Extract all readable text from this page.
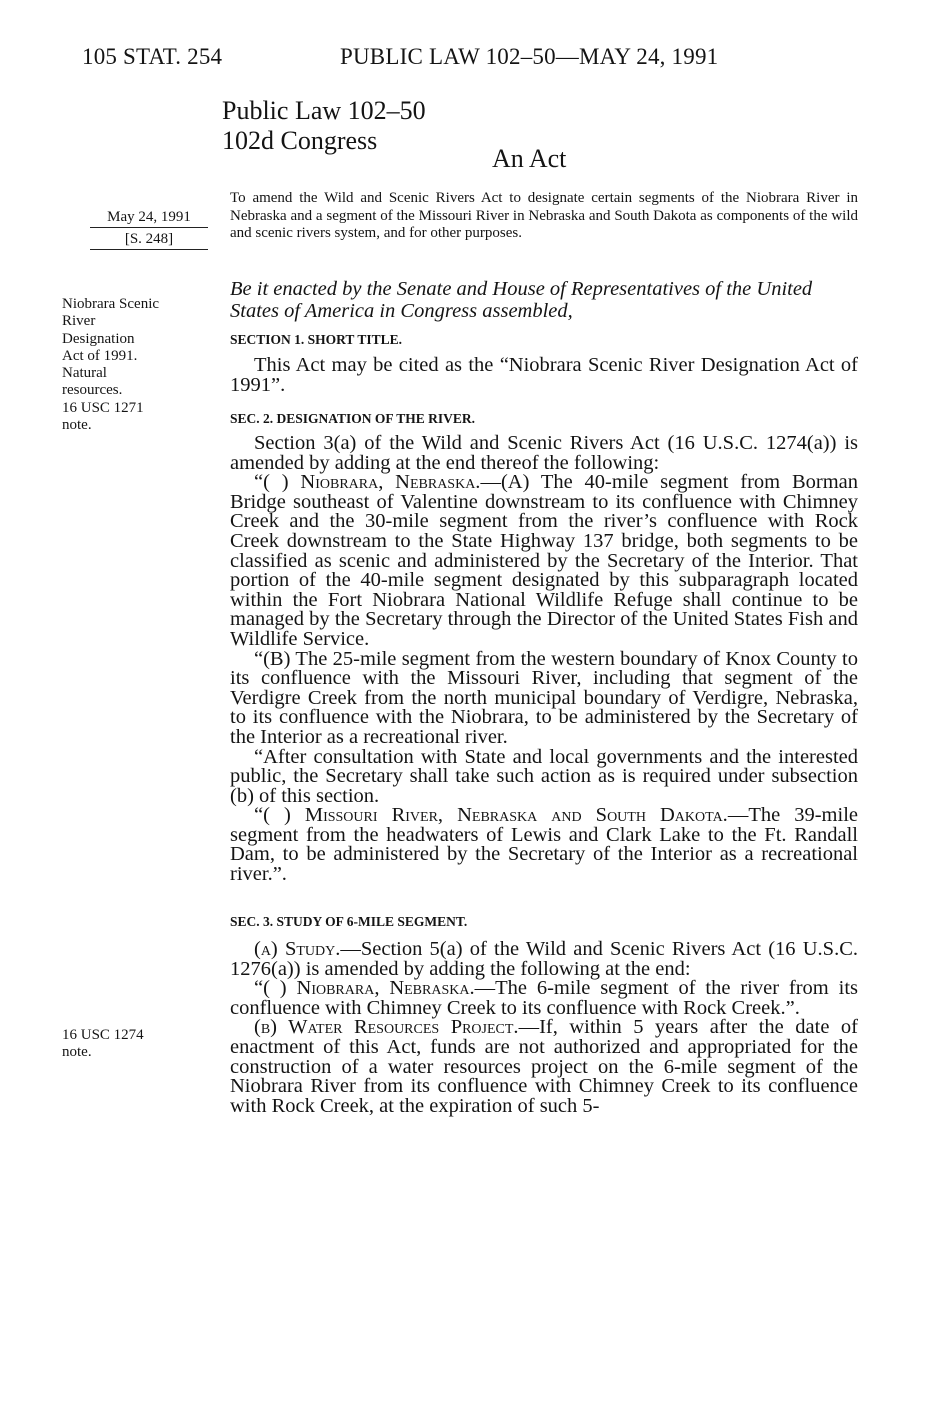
105 STAT. 254	PUBLIC LAW 102–50—MAY 24, 1991
Public Law 102–50
102d Congress
An Act
May 24, 1991
[S. 248]
Niobrara Scenic
River
Designation
Act of 1991.
Natural
resources.
16 USC 1271
note.
16 USC 1274
note.
To amend the Wild and Scenic Rivers Act to designate certain segments of the Niobrara River in Nebraska and a segment of the Missouri River in Nebraska and South Dakota as components of the wild and scenic rivers system, and for other purposes.
Be it enacted by the Senate and House of Representatives of the United States of America in Congress assembled,
SECTION 1. SHORT TITLE.

This Act may be cited as the “Niobrara Scenic River Designation Act of 1991”.

SEC. 2. DESIGNATION OF THE RIVER.

Section 3(a) of the Wild and Scenic Rivers Act (16 U.S.C. 1274(a)) is amended by adding at the end thereof the following:

“( ) Niobrara, Nebraska.—(A) The 40-mile segment from Borman Bridge southeast of Valentine downstream to its confluence with Chimney Creek and the 30-mile segment from the river’s confluence with Rock Creek downstream to the State Highway 137 bridge, both segments to be classified as scenic and administered by the Secretary of the Interior. That portion of the 40-mile segment designated by this subparagraph located within the Fort Niobrara National Wildlife Refuge shall continue to be managed by the Secretary through the Director of the United States Fish and Wildlife Service.

“(B) The 25-mile segment from the western boundary of Knox County to its confluence with the Missouri River, including that segment of the Verdigre Creek from the north municipal boundary of Verdigre, Nebraska, to its confluence with the Niobrara, to be administered by the Secretary of the Interior as a recreational river.

“After consultation with State and local governments and the interested public, the Secretary shall take such action as is required under subsection (b) of this section.

“( ) Missouri River, Nebraska and South Dakota.—The 39-mile segment from the headwaters of Lewis and Clark Lake to the Ft. Randall Dam, to be administered by the Secretary of the Interior as a recreational river.”.

SEC. 3. STUDY OF 6-MILE SEGMENT.

(a) Study.—Section 5(a) of the Wild and Scenic Rivers Act (16 U.S.C. 1276(a)) is amended by adding the following at the end:

“( ) Niobrara, Nebraska.—The 6-mile segment of the river from its confluence with Chimney Creek to its confluence with Rock Creek.”.

(b) Water Resources Project.—If, within 5 years after the date of enactment of this Act, funds are not authorized and appropriated for the construction of a water resources project on the 6-mile segment of the Niobrara River from its confluence with Chimney Creek to its confluence with Rock Creek, at the expiration of such 5-
